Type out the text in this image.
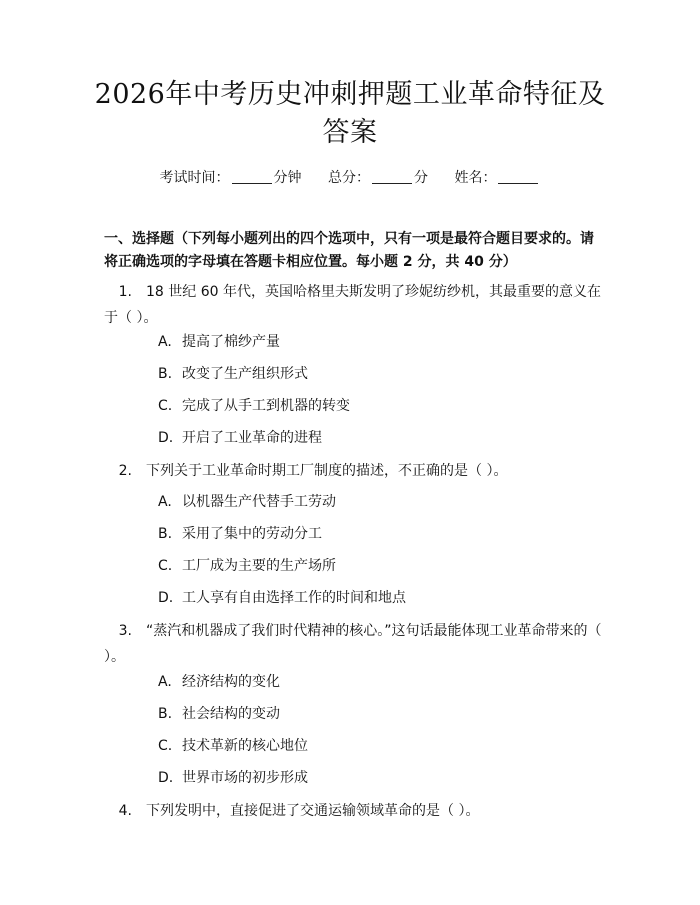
2026年中考历史冲刺押题工业革命特征及答案
考试时间：	分钟 总分：	分 姓名：
一、选择题（下列每小题列出的四个选项中，只有一项是最符合题目要求的。请将正确选项的字母填在答题卡相应位置。每小题 2 分，共 40 分）
1. 18 世纪 60 年代，英国哈格里夫斯发明了珍妮纺纱机，其最重要的意义在于（ ）。
A. 提高了棉纱产量
B. 改变了生产组织形式
C. 完成了从手工到机器的转变
D. 开启了工业革命的进程
2. 下列关于工业革命时期工厂制度的描述，不正确的是（ ）。
A. 以机器生产代替手工劳动
B. 采用了集中的劳动分工
C. 工厂成为主要的生产场所
D. 工人享有自由选择工作的时间和地点
3. “蒸汽和机器成了我们时代精神的核心。”这句话最能体现工业革命带来的（ ）。
A. 经济结构的变化
B. 社会结构的变动
C. 技术革新的核心地位
D. 世界市场的初步形成
4. 下列发明中，直接促进了交通运输领域革命的是（ ）。
